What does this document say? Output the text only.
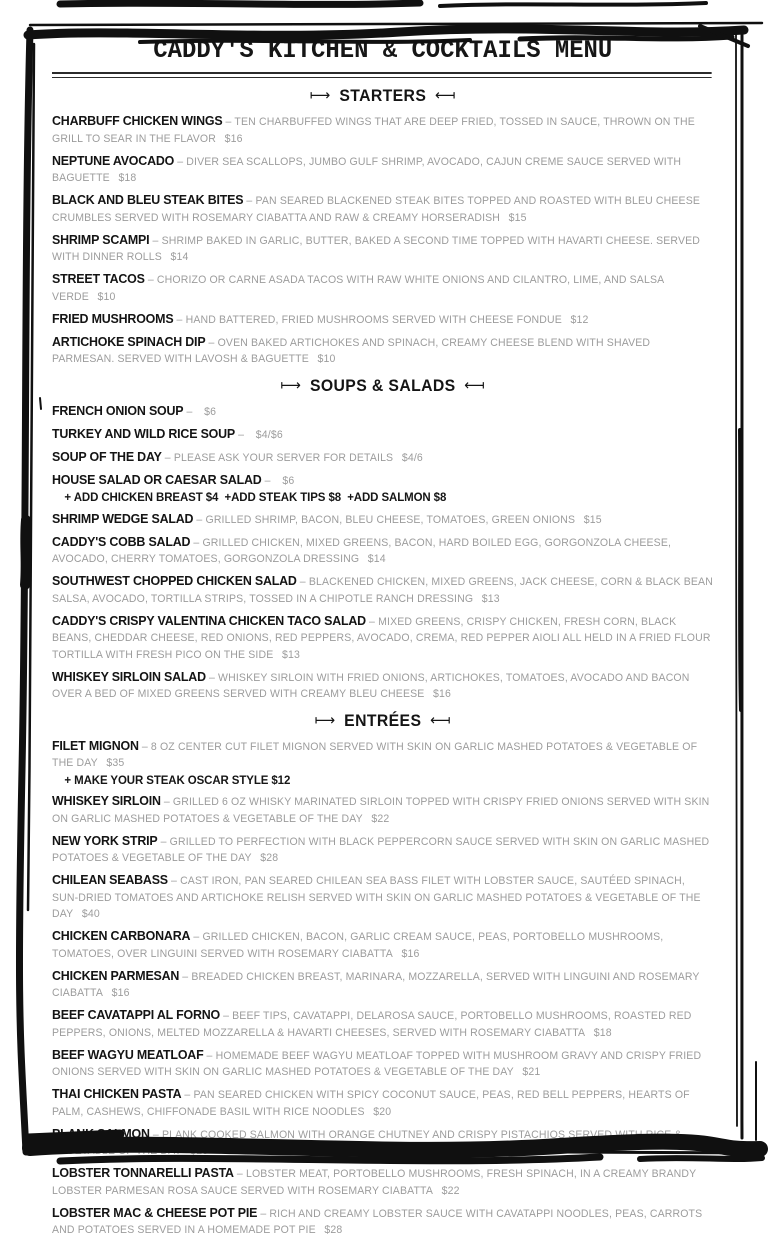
CADDY'S KITCHEN & COCKTAILS MENU
⟼ STARTERS ⟻

CHARBUFF CHICKEN WINGS – TEN CHARBUFFED WINGS THAT ARE DEEP FRIED, TOSSED IN SAUCE, THROWN ON THE GRILL TO SEAR IN THE FLAVOR $16

NEPTUNE AVOCADO – DIVER SEA SCALLOPS, JUMBO GULF SHRIMP, AVOCADO, CAJUN CREME SAUCE SERVED WITH BAGUETTE $18

BLACK AND BLEU STEAK BITES – PAN SEARED BLACKENED STEAK BITES TOPPED AND ROASTED WITH BLEU CHEESE CRUMBLES SERVED WITH ROSEMARY CIABATTA AND RAW & CREAMY HORSERADISH $15

SHRIMP SCAMPI – SHRIMP BAKED IN GARLIC, BUTTER, BAKED A SECOND TIME TOPPED WITH HAVARTI CHEESE. SERVED WITH DINNER ROLLS $14

STREET TACOS – CHORIZO OR CARNE ASADA TACOS WITH RAW WHITE ONIONS AND CILANTRO, LIME, AND SALSA VERDE $10

FRIED MUSHROOMS – HAND BATTERED, FRIED MUSHROOMS SERVED WITH CHEESE FONDUE $12

ARTICHOKE SPINACH DIP – OVEN BAKED ARTICHOKES AND SPINACH, CREAMY CHEESE BLEND WITH SHAVED PARMESAN. SERVED WITH LAVOSH & BAGUETTE $10

⟼ SOUPS & SALADS ⟻

FRENCH ONION SOUP – $6

TURKEY AND WILD RICE SOUP – $4/$6

SOUP OF THE DAY – PLEASE ASK YOUR SERVER FOR DETAILS $4/6

HOUSE SALAD OR CAESAR SALAD – $6

+ ADD CHICKEN BREAST $4  +ADD STEAK TIPS $8  +ADD SALMON $8

SHRIMP WEDGE SALAD – GRILLED SHRIMP, BACON, BLEU CHEESE, TOMATOES, GREEN ONIONS $15

CADDY'S COBB SALAD – GRILLED CHICKEN, MIXED GREENS, BACON, HARD BOILED EGG, GORGONZOLA CHEESE, AVOCADO, CHERRY TOMATOES, GORGONZOLA DRESSING $14

SOUTHWEST CHOPPED CHICKEN SALAD – BLACKENED CHICKEN, MIXED GREENS, JACK CHEESE, CORN & BLACK BEAN SALSA, AVOCADO, TORTILLA STRIPS, TOSSED IN A CHIPOTLE RANCH DRESSING $13

CADDY'S CRISPY VALENTINA CHICKEN TACO SALAD – MIXED GREENS, CRISPY CHICKEN, FRESH CORN, BLACK BEANS, CHEDDAR CHEESE, RED ONIONS, RED PEPPERS, AVOCADO, CREMA, RED PEPPER AIOLI ALL HELD IN A FRIED FLOUR TORTILLA WITH FRESH PICO ON THE SIDE $13

WHISKEY SIRLOIN SALAD – WHISKEY SIRLOIN WITH FRIED ONIONS, ARTICHOKES, TOMATOES, AVOCADO AND BACON OVER A BED OF MIXED GREENS SERVED WITH CREAMY BLEU CHEESE $16

⟼ ENTRÉES ⟻

FILET MIGNON – 8 OZ CENTER CUT FILET MIGNON SERVED WITH SKIN ON GARLIC MASHED POTATOES & VEGETABLE OF THE DAY $35

+ MAKE YOUR STEAK OSCAR STYLE $12

WHISKEY SIRLOIN – GRILLED 6 OZ WHISKY MARINATED SIRLOIN TOPPED WITH CRISPY FRIED ONIONS SERVED WITH SKIN ON GARLIC MASHED POTATOES & VEGETABLE OF THE DAY $22

NEW YORK STRIP – GRILLED TO PERFECTION WITH BLACK PEPPERCORN SAUCE SERVED WITH SKIN ON GARLIC MASHED POTATOES & VEGETABLE OF THE DAY $28

CHILEAN SEABASS – CAST IRON, PAN SEARED CHILEAN SEA BASS FILET WITH LOBSTER SAUCE, SAUTÉED SPINACH, SUN-DRIED TOMATOES AND ARTICHOKE RELISH SERVED WITH SKIN ON GARLIC MASHED POTATOES & VEGETABLE OF THE DAY $40

CHICKEN CARBONARA – GRILLED CHICKEN, BACON, GARLIC CREAM SAUCE, PEAS, PORTOBELLO MUSHROOMS, TOMATOES, OVER LINGUINI SERVED WITH ROSEMARY CIABATTA $16

CHICKEN PARMESAN – BREADED CHICKEN BREAST, MARINARA, MOZZARELLA, SERVED WITH LINGUINI AND ROSEMARY CIABATTA $16

BEEF CAVATAPPI AL FORNO – BEEF TIPS, CAVATAPPI, DELAROSA SAUCE, PORTOBELLO MUSHROOMS, ROASTED RED PEPPERS, ONIONS, MELTED MOZZARELLA & HAVARTI CHEESES, SERVED WITH ROSEMARY CIABATTA $18

BEEF WAGYU MEATLOAF – HOMEMADE BEEF WAGYU MEATLOAF TOPPED WITH MUSHROOM GRAVY AND CRISPY FRIED ONIONS SERVED WITH SKIN ON GARLIC MASHED POTATOES & VEGETABLE OF THE DAY $21

THAI CHICKEN PASTA – PAN SEARED CHICKEN WITH SPICY COCONUT SAUCE, PEAS, RED BELL PEPPERS, HEARTS OF PALM, CASHEWS, CHIFFONADE BASIL WITH RICE NOODLES $20

PLANK SALMON – PLANK COOKED SALMON WITH ORANGE CHUTNEY AND CRISPY PISTACHIOS SERVED WITH RICE & VEGETABLE OF THE DAY $25

LOBSTER TONNARELLI PASTA – LOBSTER MEAT, PORTOBELLO MUSHROOMS, FRESH SPINACH, IN A CREAMY BRANDY LOBSTER PARMESAN ROSA SAUCE SERVED WITH ROSEMARY CIABATTA $22

LOBSTER MAC & CHEESE POT PIE – RICH AND CREAMY LOBSTER SAUCE WITH CAVATAPPI NOODLES, PEAS, CARROTS AND POTATOES SERVED IN A HOMEMADE POT PIE $28
